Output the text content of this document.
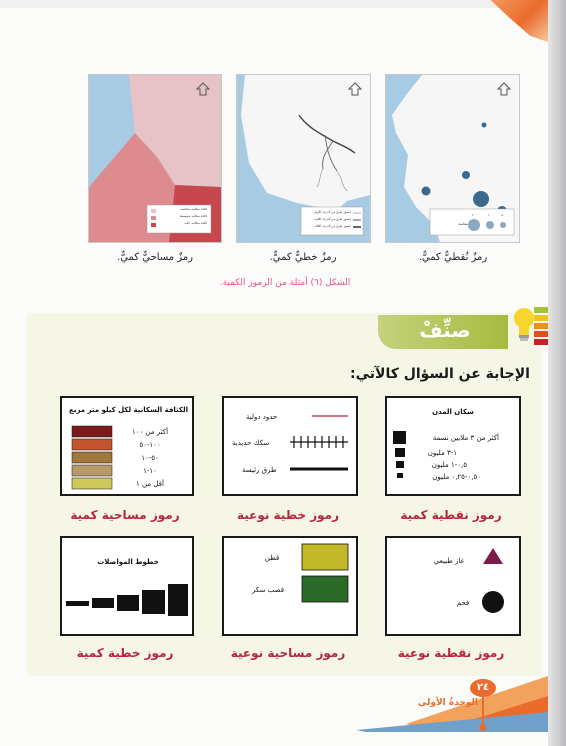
كثافة سكانية منخفضة
كثافة سكانية متوسطة
كثافة سكانية عالية
رمزٌ مساحيٌّ كميٌّ.
جسور طرق من الدرجة الأولى
جسور طرق من الدرجة الثانية
جسور طرق من الدرجة الثالثة
رمزٌ خطيٌّ كميٌّ.
مقاسة
٢٠٠	١٠٠	٥٠
رمزٌ نُقطيٌّ كميٌّ.
الشكل (٦) أمثلة من الرموز الكمية.
صنِّفْ
الإجابة عن السؤال كالآتي:
الكثافة السكانية لكل كيلو متر مربع
أكثر من ١٠٠
١٠٠-٥٠
٥٠-١٠
١٠-١
أقل من ١
رموز مساحية كمية
حدود دولية
سكك حديدية
طرق رئيسة
رموز خطية نوعية
سكان المدن
أكثر من ٣ ملايين نسمة
١-٣ مليون
٠,٥-١ مليون
٠,٥٠-٠,٢٥ مليون
رموز نقطية كمية
خطوط المواصلات
رموز خطية كمية
قطن
قصب سكر
رموز مساحية نوعية
غاز طبيعي
فحم
رموز نقطية نوعية
٢٤
الوحدةُ الأولى
